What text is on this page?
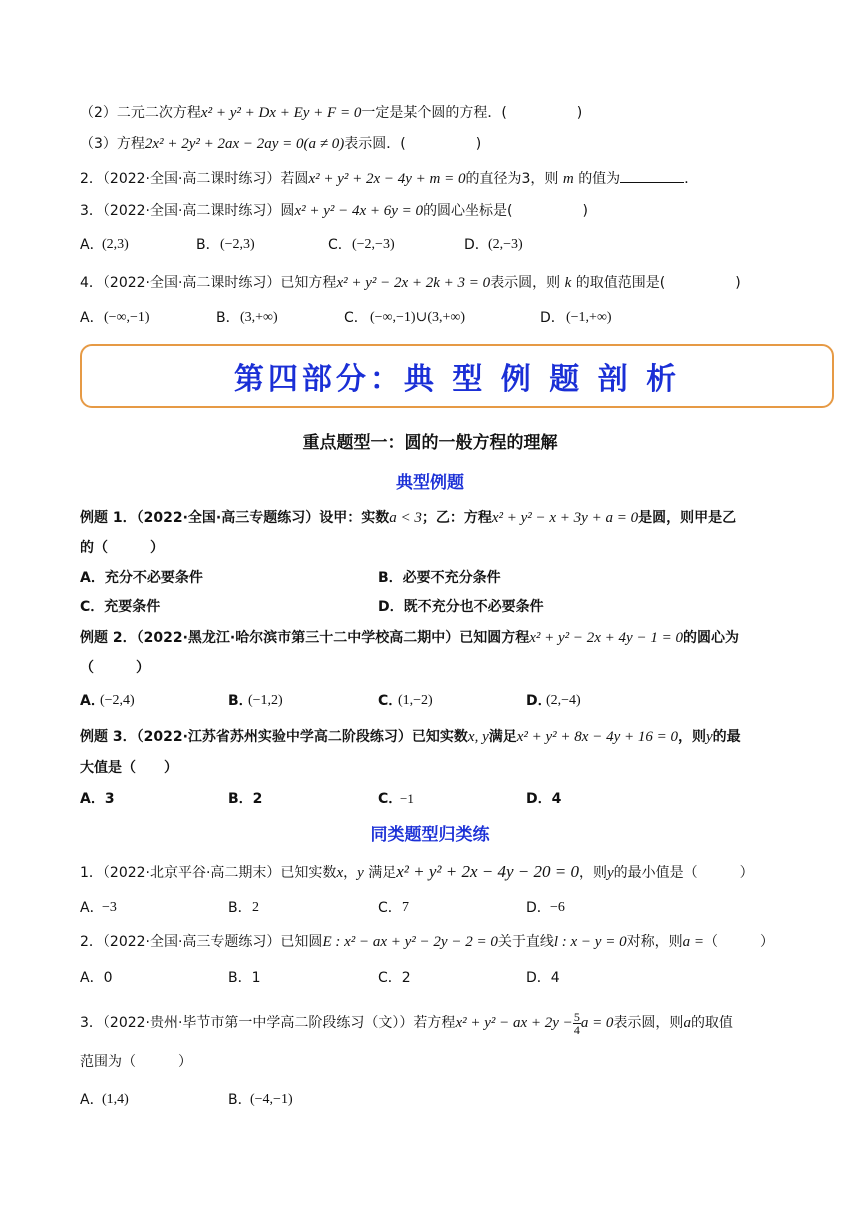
（2）二元二次方程x² + y² + Dx + Ey + F = 0一定是某个圆的方程．(　　　　　)
（3）方程2x² + 2y² + 2ax − 2ay = 0(a ≠ 0)表示圆．(　　　　　)
2．（2022·全国·高二课时练习）若圆x² + y² + 2x − 4y + m = 0的直径为3，则 m 的值为	．
3．（2022·全国·高二课时练习）圆x² + y² − 4x + 6y = 0的圆心坐标是(　　　　　)
A．
(2,3)	B． (−2,3)	C． (−2,−3)	D． (2,−3)
4．（2022·全国·高二课时练习）已知方程x² + y² − 2x + 2k + 3 = 0表示圆，则 k 的取值范围是(　　　　　)
A． (−∞,−1)	B． (3,+∞)	C． (−∞,−1)∪(3,+∞)	D． (−1,+∞)
第四部分：典 型 例 题 剖 析
重点题型一：圆的一般方程的理解
典型例题
例题 1．（2022·全国·高三专题练习）设甲：实数a < 3；乙：方程x² + y² − x + 3y + a = 0是圆，则甲是乙
的（　　　）
A．充分不必要条件	B．必要不充分条件
C．充要条件	D．既不充分也不必要条件
例题 2．（2022·黑龙江·哈尔滨市第三十二中学校高二期中）已知圆方程x² + y² − 2x + 4y − 1 = 0的圆心为
（　　　）
A．
(−2,4)	B．
(−1,2)	C．
(1,−2)	D．
(2,−4)
例题 3．（2022·江苏省苏州实验中学高二阶段练习）已知实数x, y满足x² + y² + 8x − 4y + 16 = 0，则y的最
大值是（　　）
A．3	B．2	C．
−1	D．4
同类题型归类练
1．（2022·北京平谷·高二期末）已知实数x，y 满足x² + y² + 2x − 4y − 20 = 0，则y的最小值是（　　　）
A．
−3	B． 2	C． 7	D． −6
2．（2022·全国·高三专题练习）已知圆E : x² − ax + y² − 2y − 2 = 0关于直线l : x − y = 0对称，则a =（　　　）
A．0	B．1	C．2	D．4
3．（2022·贵州·毕节市第一中学高二阶段练习（文））若方程x² + y² − ax + $2y - \frac{5}{4}$ a = 0表示圆，则a的取值
范围为（　　　）
A．
(1,4)	B．
(−4,−1)
